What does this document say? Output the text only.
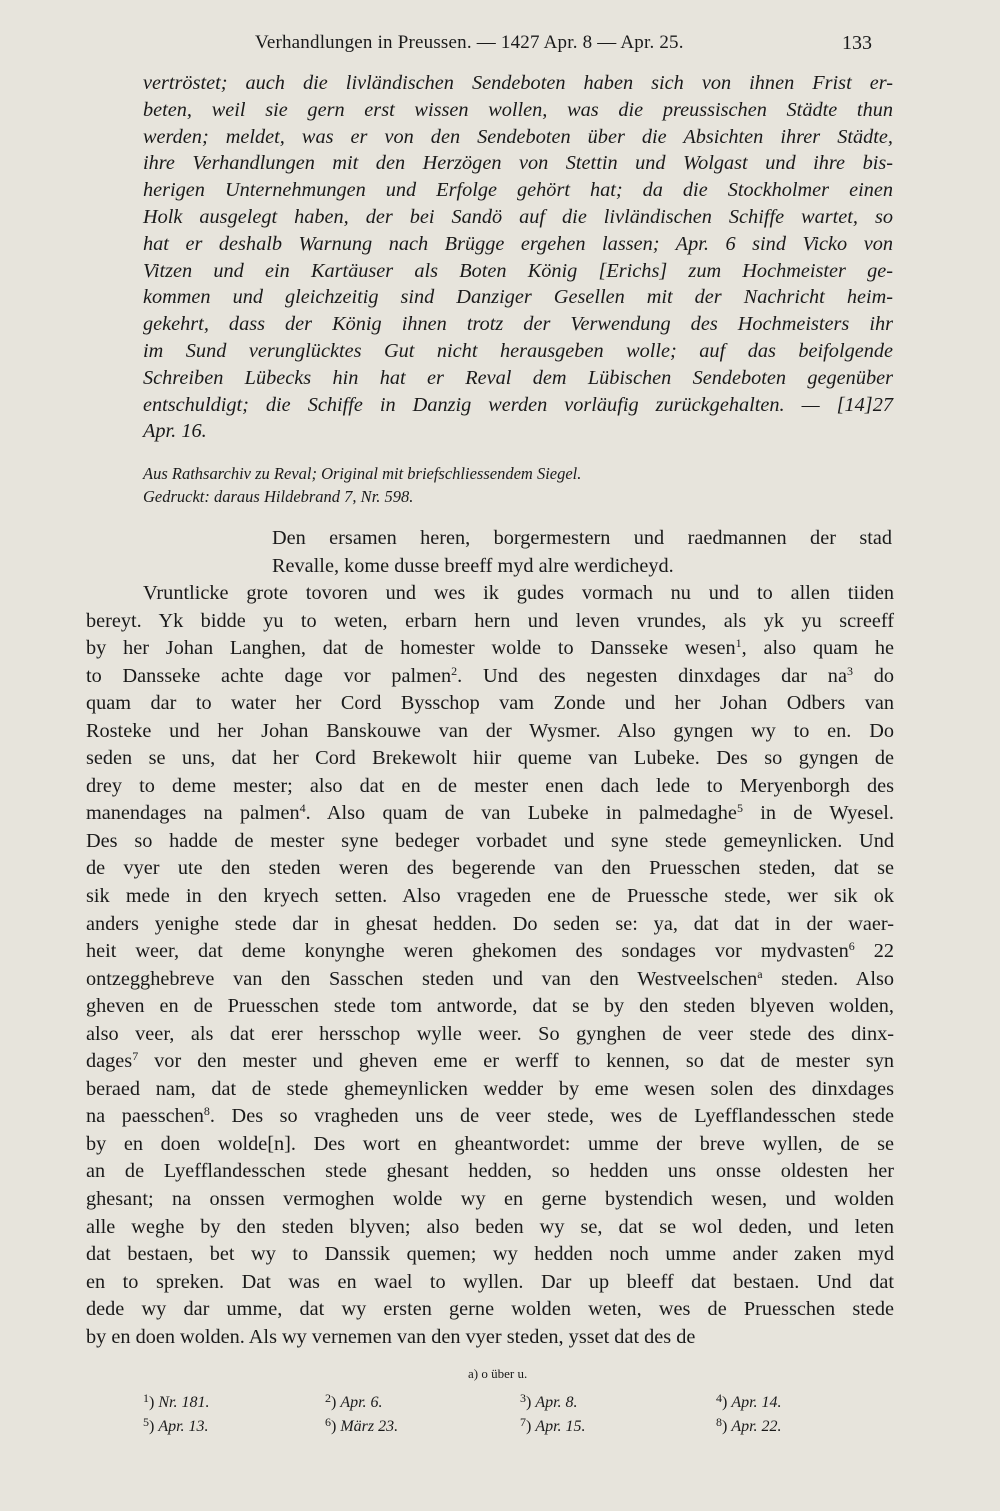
Verhandlungen in Preussen. — 1427 Apr. 8 — Apr. 25.	133
vertröstet; auch die livländischen Sendeboten haben sich von ihnen Frist er-
beten, weil sie gern erst wissen wollen, was die preussischen Städte thun
werden; meldet, was er von den Sendeboten über die Absichten ihrer Städte,
ihre Verhandlungen mit den Herzögen von Stettin und Wolgast und ihre bis-
herigen Unternehmungen und Erfolge gehört hat; da die Stockholmer einen
Holk ausgelegt haben, der bei Sandö auf die livländischen Schiffe wartet, so
hat er deshalb Warnung nach Brügge ergehen lassen; Apr. 6 sind Vicko von
Vitzen und ein Kartäuser als Boten König [Erichs] zum Hochmeister ge-
kommen und gleichzeitig sind Danziger Gesellen mit der Nachricht heim-
gekehrt, dass der König ihnen trotz der Verwendung des Hochmeisters ihr
im Sund verunglücktes Gut nicht herausgeben wolle; auf das beifolgende
Schreiben Lübecks hin hat er Reval dem Lübischen Sendeboten gegenüber
entschuldigt; die Schiffe in Danzig werden vorläufig zurückgehalten. — [14]27
Apr. 16.
Aus Rathsarchiv zu Reval; Original mit briefschliessendem Siegel.
Gedruckt: daraus Hildebrand 7, Nr. 598.
Den ersamen heren, borgermestern und raedmannen der stad
Revalle, kome dusse breeff myd alre werdicheyd.
Vruntlicke grote tovoren und wes ik gudes vormach nu und to allen tiiden
bereyt. Yk bidde yu to weten, erbarn hern und leven vrundes, als yk yu screeff
by her Johan Langhen, dat de homester wolde to Dansseke wesen$^1$, also quam he
to Dansseke achte dage vor palmen$^2$. Und des negesten dinxdages dar $na^3$ do
quam dar to water her Cord Bysschop vam Zonde und her Johan Odbers van
Rosteke und her Johan Banskouwe van der Wysmer. Also gyngen wy to en. Do
seden se uns, dat her Cord Brekewolt hiir queme van Lubeke. Des so gyngen de
drey to deme mester; also dat en de mester enen dach lede to Meryenborgh des
manendages na palmen$^4$. Also quam de van Lubeke in palmedaghe$^5$ in de Wyesel.
Des so hadde de mester syne bedeger vorbadet und syne stede gemeynlicken. Und
de vyer ute den steden weren des begerende van den Pruesschen steden, dat se
sik mede in den kryech setten. Also vrageden ene de Pruessche stede, wer sik ok
anders yenighe stede dar in ghesat hedden. Do seden se: ya, dat dat in der waer-
heit weer, dat deme konynghe weren ghekomen des sondages vor mydvasten$^6$ 22
ontzegghebreve van den Sasschen steden und van den Westveelschen$^a$ steden. Also
gheven en de Pruesschen stede tom antworde, dat se by den steden blyeven wolden,
also veer, als dat erer hersschop wylle weer. So gynghen de veer stede des dinx-
dages$^7$ vor den mester und gheven eme er werff to kennen, so dat de mester syn
beraed nam, dat de stede ghemeynlicken wedder by eme wesen solen des dinxdages
na paesschen$^8$. Des so vragheden uns de veer stede, wes de Lyefflandesschen stede
by en doen wolde[n]. Des wort en gheantwordet: umme der breve wyllen, de se
an de Lyefflandesschen stede ghesant hedden, so hedden uns onsse oldesten her
ghesant; na onssen vermoghen wolde wy en gerne bystendich wesen, und wolden
alle weghe by den steden blyven; also beden wy se, dat se wol deden, und leten
dat bestaen, bet wy to Danssik quemen; wy hedden noch umme ander zaken myd
en to spreken. Dat was en wael to wyllen. Dar up bleeff dat bestaen. Und dat
dede wy dar umme, dat wy ersten gerne wolden weten, wes de Pruesschen stede
by en doen wolden. Als wy vernemen van den vyer steden, ysset dat des de
a) o über u.
$^1$) Nr. 181.	$^2$) Apr. 6.	$^3$) Apr. 8.	$^4$) Apr. 14.
$^5$) Apr. 13.	$^6$) März 23.	$^7$) Apr. 15.	$^8$) Apr. 22.
